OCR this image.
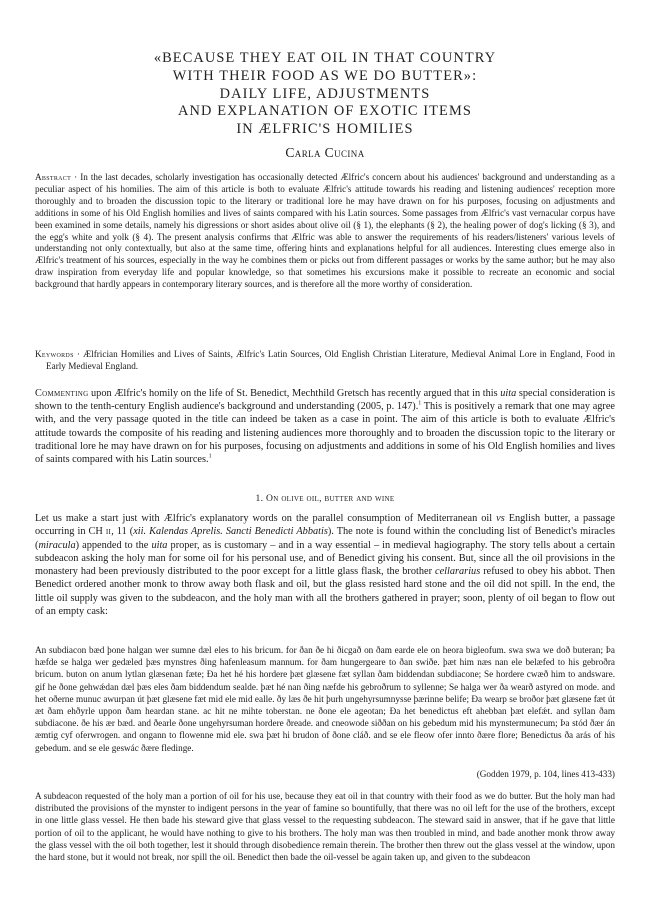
«BECAUSE THEY EAT OIL IN THAT COUNTRY
WITH THEIR FOOD AS WE DO BUTTER»:
DAILY LIFE, ADJUSTMENTS
AND EXPLANATION OF EXOTIC ITEMS
IN ÆLFRIC'S HOMILIES
Carla Cucina
Abstract · In the last decades, scholarly investigation has occasionally detected Ælfric's concern about his audiences' background and understanding as a peculiar aspect of his homilies. The aim of this article is both to evaluate Ælfric's attitude towards his reading and listening audiences' reception more thoroughly and to broaden the discussion topic to the literary or traditional lore he may have drawn on for his purposes, focusing on adjustments and additions in some of his Old English homilies and lives of saints compared with his Latin sources. Some passages from Ælfric's vast vernacular corpus have been examined in some details, namely his digressions or short asides about olive oil (§ 1), the elephants (§ 2), the healing power of dog's licking (§ 3), and the egg's white and yolk (§ 4). The present analysis confirms that Ælfric was able to answer the requirements of his readers/listeners' various levels of understanding not only contextually, but also at the same time, offering hints and explanations helpful for all audiences. Interesting clues emerge also in Ælfric's treatment of his sources, especially in the way he combines them or picks out from different passages or works by the same author; but he may also draw inspiration from everyday life and popular knowledge, so that sometimes his excursions make it possible to recreate an economic and social background that hardly appears in contemporary literary sources, and is therefore all the more worthy of consideration.
Keywords · Ælfrician Homilies and Lives of Saints, Ælfric's Latin Sources, Old English Christian Literature, Medieval Animal Lore in England, Food in Early Medieval England.
Commenting upon Ælfric's homily on the life of St. Benedict, Mechthild Gretsch has recently argued that in this uita special consideration is shown to the tenth-century English audience's background and understanding (2005, p. 147).$^1$ This is positively a remark that one may agree with, and the very passage quoted in the title can indeed be taken as a case in point. The aim of this article is both to evaluate Ælfric's attitude towards the composite of his reading and listening audiences more thoroughly and to broaden the discussion topic to the literary or traditional lore he may have drawn on for his purposes, focusing on adjustments and additions in some of his Old English homilies and lives of saints compared with his Latin sources.$^1$
1. On olive oil, butter and wine
Let us make a start just with Ælfric's explanatory words on the parallel consumption of Mediterranean oil vs English butter, a passage occurring in CH ii, 11 (xii. Kalendas Aprelis. Sancti Benedicti Abbatis). The note is found within the concluding list of Benedict's miracles (miracula) appended to the uita proper, as is customary – and in a way essential – in medieval hagiography. The story tells about a certain subdeacon asking the holy man for some oil for his personal use, and of Benedict giving his consent. But, since all the oil provisions in the monastery had been previously distributed to the poor except for a little glass flask, the brother cellararius refused to obey his abbot. Then Benedict ordered another monk to throw away both flask and oil, but the glass resisted hard stone and the oil did not spill. In the end, the little oil supply was given to the subdeacon, and the holy man with all the brothers gathered in prayer; soon, plenty of oil began to flow out of an empty cask:
An subdiacon bæd þone halgan wer sumne dæl eles to his bricum. for ðan ðe hi ðicgað on ðam earde ele on heora bigleofum. swa swa we doð buteran; Þa hæfde se halga wer gedæled þæs mynstres ðing hafenleasum mannum. for ðam hungergeare to ðan swiðe. þæt him næs nan ele belæfed to his gebroðra bricum. buton on anum lytlan glæsenan fæte; Ða het hé his hordere þæt glæsene fæt syllan ðam biddendan subdiacone; Se hordere cwæð him to andsware. gif he ðone gehwǽdan dæl þæs eles ðam biddendum sealde. þæt hé nan ðing næfde his gebroðrum to syllenne; Se halga wer ða wearð astyred on mode. and het oðerne munuc awurpan út þæt glæsene fæt mid ele mid ealle. ðy læs ðe hit þurh ungehyrsumnysse þærinne belife; Ða wearp se broðor þæt glæsene fæt út æt ðam ehðyrle uppon ðam heardan stane. ac hit ne mihte toberstan. ne ðone ele ageotan; Ða het benedictus eft ahebban þæt elefǽt. and syllan ðam subdiacone. ðe his ær bæd. and ðearle ðone ungehyrsuman hordere ðreade. and cneowode siððan on his gebedum mid his mynstermunecum; Þa stód ðær án æmtig cyf oferwrogen. and ongann to flowenne mid ele. swa þæt hi brudon of ðone cláð. and se ele fleow ofer innto ðære flore; Benedictus ða arás of his gebedum. and se ele geswác ðære fledinge.
(Godden 1979, p. 104, lines 413-433)
A subdeacon requested of the holy man a portion of oil for his use, because they eat oil in that country with their food as we do butter. But the holy man had distributed the provisions of the mynster to indigent persons in the year of famine so bountifully, that there was no oil left for the use of the brothers, except in one little glass vessel. He then bade his steward give that glass vessel to the requesting subdeacon. The steward said in answer, that if he gave that little portion of oil to the applicant, he would have nothing to give to his brothers. The holy man was then troubled in mind, and bade another monk throw away the glass vessel with the oil both together, lest it should through disobedience remain therein. The brother then threw out the glass vessel at the window, upon the hard stone, but it would not break, nor spill the oil. Benedict then bade the oil-vessel be again taken up, and given to the subdeacon
